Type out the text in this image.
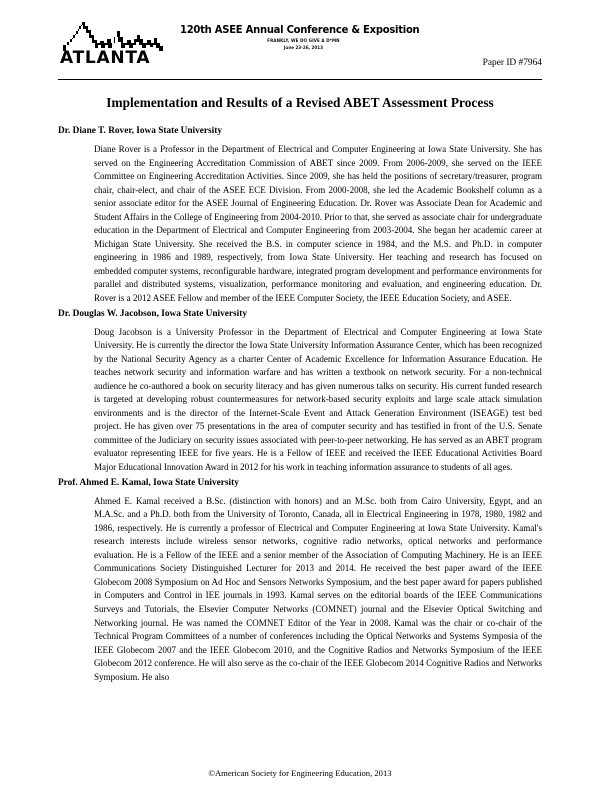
ATLANTA
120th ASEE Annual Conference & Exposition
FRANKLY, WE DO GIVE A D*MN
June 23-26, 2013
Paper ID #7964
Implementation and Results of a Revised ABET Assessment Process
Dr. Diane T. Rover, Iowa State University

Diane Rover is a Professor in the Department of Electrical and Computer Engineering at Iowa State University. She has served on the Engineering Accreditation Commission of ABET since 2009. From 2006-2009, she served on the IEEE Committee on Engineering Accreditation Activities. Since 2009, she has held the positions of secretary/treasurer, program chair, chair-elect, and chair of the ASEE ECE Division. From 2000-2008, she led the Academic Bookshelf column as a senior associate editor for the ASEE Journal of Engineering Education. Dr. Rover was Associate Dean for Academic and Student Affairs in the College of Engineering from 2004-2010. Prior to that, she served as associate chair for undergraduate education in the Department of Electrical and Computer Engineering from 2003-2004. She began her academic career at Michigan State University. She received the B.S. in computer science in 1984, and the M.S. and Ph.D. in computer engineering in 1986 and 1989, respectively, from Iowa State University. Her teaching and research has focused on embedded computer systems, reconfigurable hardware, integrated program development and performance environments for parallel and distributed systems, visualization, performance monitoring and evaluation, and engineering education. Dr. Rover is a 2012 ASEE Fellow and member of the IEEE Computer Society, the IEEE Education Society, and ASEE.

Dr. Douglas W. Jacobson, Iowa State University

Doug Jacobson is a University Professor in the Department of Electrical and Computer Engineering at Iowa State University. He is currently the director the Iowa State University Information Assurance Center, which has been recognized by the National Security Agency as a charter Center of Academic Excellence for Information Assurance Education. He teaches network security and information warfare and has written a textbook on network security. For a non-technical audience he co-authored a book on security literacy and has given numerous talks on security. His current funded research is targeted at developing robust countermeasures for network-based security exploits and large scale attack simulation environments and is the director of the Internet-Scale Event and Attack Generation Environment (ISEAGE) test bed project. He has given over 75 presentations in the area of computer security and has testified in front of the U.S. Senate committee of the Judiciary on security issues associated with peer-to-peer networking. He has served as an ABET program evaluator representing IEEE for five years. He is a Fellow of IEEE and received the IEEE Educational Activities Board Major Educational Innovation Award in 2012 for his work in teaching information assurance to students of all ages.

Prof. Ahmed E. Kamal, Iowa State University

Ahmed E. Kamal received a B.Sc. (distinction with honors) and an M.Sc. both from Cairo University, Egypt, and an M.A.Sc. and a Ph.D. both from the University of Toronto, Canada, all in Electrical Engineering in 1978, 1980, 1982 and 1986, respectively. He is currently a professor of Electrical and Computer Engineering at Iowa State University. Kamal's research interests include wireless sensor networks, cognitive radio networks, optical networks and performance evaluation. He is a Fellow of the IEEE and a senior member of the Association of Computing Machinery. He is an IEEE Communications Society Distinguished Lecturer for 2013 and 2014. He received the best paper award of the IEEE Globecom 2008 Symposium on Ad Hoc and Sensors Networks Symposium, and the best paper award for papers published in Computers and Control in IEE journals in 1993. Kamal serves on the editorial boards of the IEEE Communications Surveys and Tutorials, the Elsevier Computer Networks (COMNET) journal and the Elsevier Optical Switching and Networking journal. He was named the COMNET Editor of the Year in 2008. Kamal was the chair or co-chair of the Technical Program Committees of a number of conferences including the Optical Networks and Systems Symposia of the IEEE Globecom 2007 and the IEEE Globecom 2010, and the Cognitive Radios and Networks Symposium of the IEEE Globecom 2012 conference. He will also serve as the co-chair of the IEEE Globecom 2014 Cognitive Radios and Networks Symposium. He also

©American Society for Engineering Education, 2013
